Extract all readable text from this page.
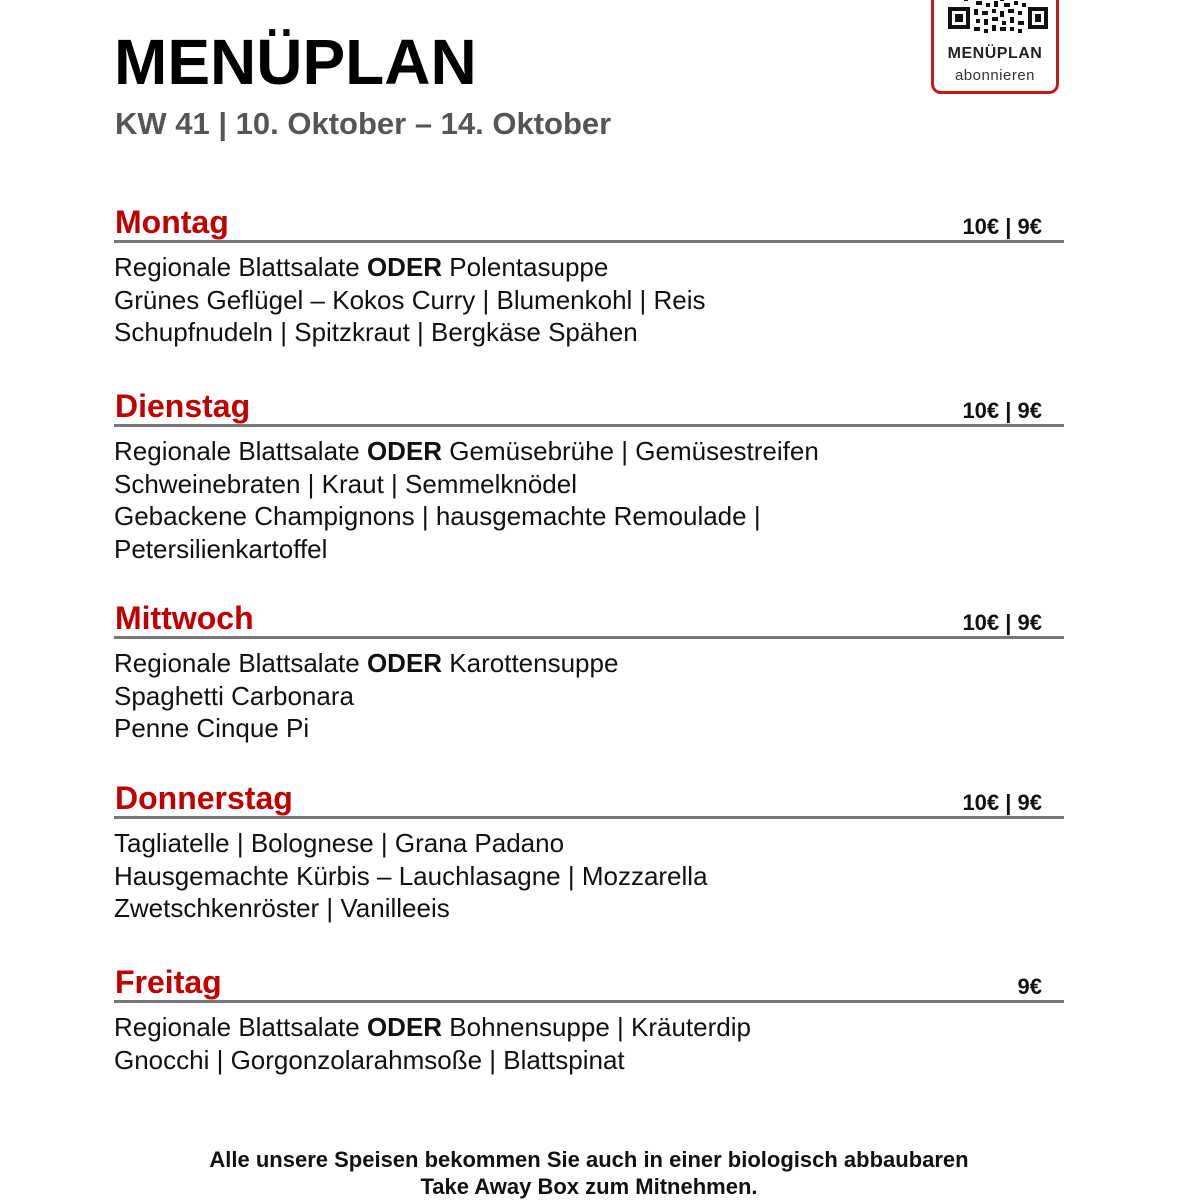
MENÜPLAN
KW 41 | 10. Oktober – 14. Oktober
MENÜPLAN
abonnieren
Montag	10€ | 9€
Regionale Blattsalate ODER Polentasuppe
Grünes Geflügel – Kokos Curry | Blumenkohl | Reis
Schupfnudeln | Spitzkraut | Bergkäse Spähen
Dienstag	10€ | 9€
Regionale Blattsalate ODER Gemüsebrühe | Gemüsestreifen
Schweinebraten | Kraut | Semmelknödel
Gebackene Champignons | hausgemachte Remoulade |
Petersilienkartoffel
Mittwoch	10€ | 9€
Regionale Blattsalate ODER Karottensuppe
Spaghetti Carbonara
Penne Cinque Pi
Donnerstag	10€ | 9€
Tagliatelle | Bolognese | Grana Padano
Hausgemachte Kürbis – Lauchlasagne | Mozzarella
Zwetschkenröster | Vanilleeis
Freitag	9€
Regionale Blattsalate ODER Bohnensuppe | Kräuterdip
Gnocchi | Gorgonzolarahmsoße | Blattspinat
Alle unsere Speisen bekommen Sie auch in einer biologisch abbaubaren
Take Away Box zum Mitnehmen.
